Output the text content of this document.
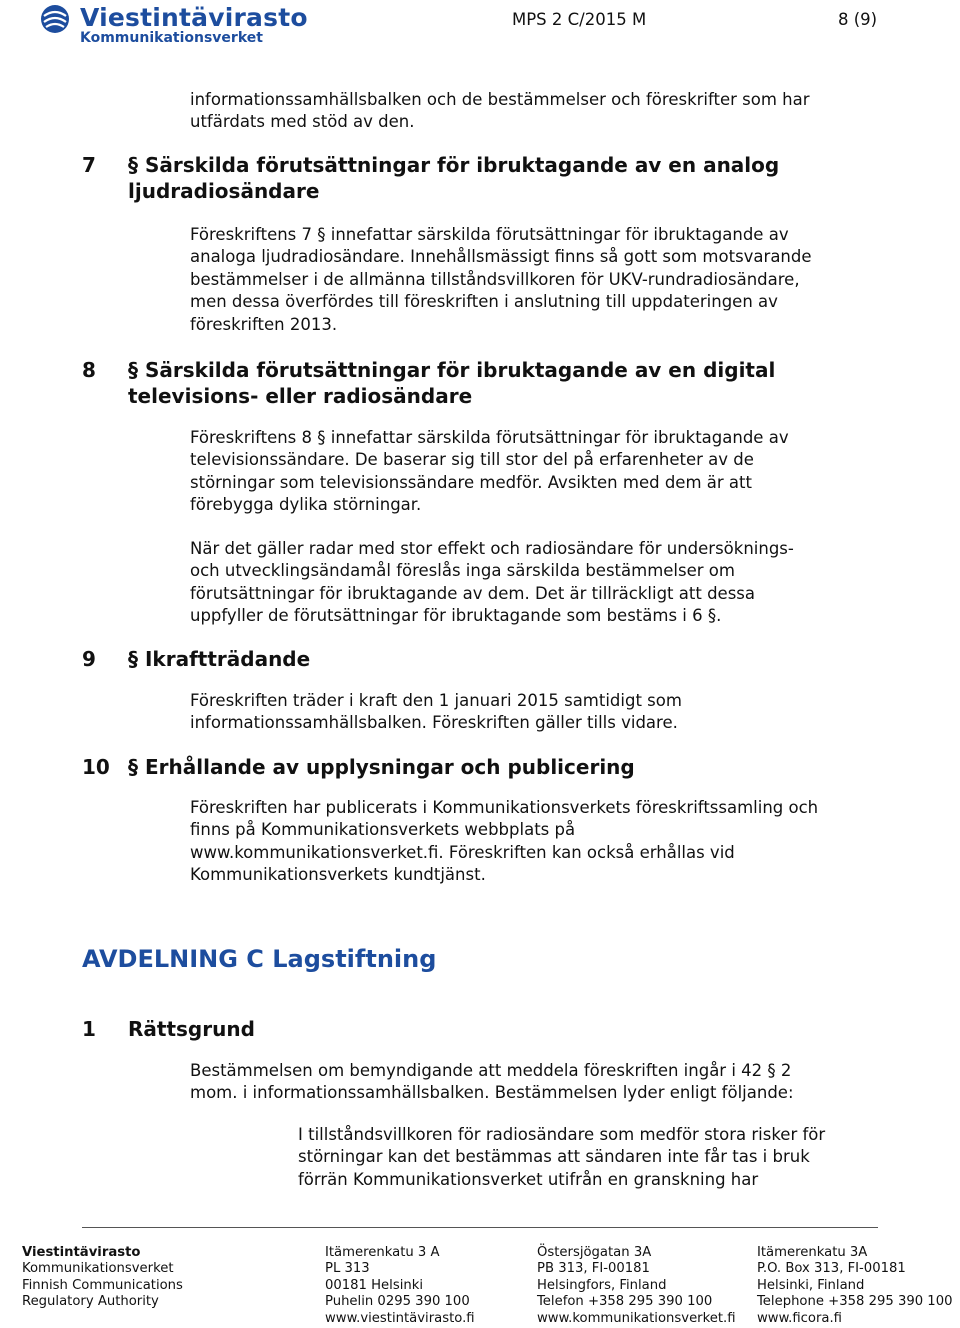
Viestintävirasto
Kommunikationsverket
MPS 2 C/2015 M	8 (9)
informationssamhällsbalken och de bestämmelser och föreskrifter som har
utfärdats med stöd av den.
7 § Särskilda förutsättningar för ibruktagande av en analog
ljudradiosändare
Föreskriftens 7 § innefattar särskilda förutsättningar för ibruktagande av
analoga ljudradiosändare. Innehållsmässigt finns så gott som motsvarande
bestämmelser i de allmänna tillståndsvillkoren för UKV-rundradiosändare,
men dessa överfördes till föreskriften i anslutning till uppdateringen av
föreskriften 2013.
8 § Särskilda förutsättningar för ibruktagande av en digital
televisions- eller radiosändare
Föreskriftens 8 § innefattar särskilda förutsättningar för ibruktagande av
televisionssändare. De baserar sig till stor del på erfarenheter av de
störningar som televisionssändare medför. Avsikten med dem är att
förebygga dylika störningar.
När det gäller radar med stor effekt och radiosändare för undersöknings-
och utvecklingsändamål föreslås inga särskilda bestämmelser om
förutsättningar för ibruktagande av dem. Det är tillräckligt att dessa
uppfyller de förutsättningar för ibruktagande som bestäms i 6 §.
9 § Ikraftträdande
Föreskriften träder i kraft den 1 januari 2015 samtidigt som
informationssamhällsbalken. Föreskriften gäller tills vidare.
10 § Erhållande av upplysningar och publicering
Föreskriften har publicerats i Kommunikationsverkets föreskriftssamling och
finns på Kommunikationsverkets webbplats på
www.kommunikationsverket.fi. Föreskriften kan också erhållas vid
Kommunikationsverkets kundtjänst.
AVDELNING C Lagstiftning
1 Rättsgrund
Bestämmelsen om bemyndigande att meddela föreskriften ingår i 42 § 2
mom. i informationssamhällsbalken. Bestämmelsen lyder enligt följande:
I tillståndsvillkoren för radiosändare som medför stora risker för
störningar kan det bestämmas att sändaren inte får tas i bruk
förrän Kommunikationsverket utifrån en granskning har
Viestintävirasto
Kommunikationsverket
Finnish Communications
Regulatory Authority
Itämerenkatu 3 A
PL 313
00181 Helsinki
Puhelin 0295 390 100
www.viestintävirasto.fi
Östersjögatan 3A
PB 313, FI-00181
Helsingfors, Finland
Telefon +358 295 390 100
www.kommunikationsverket.fi
Itämerenkatu 3A
P.O. Box 313, FI-00181
Helsinki, Finland
Telephone +358 295 390 100
www.ficora.fi
